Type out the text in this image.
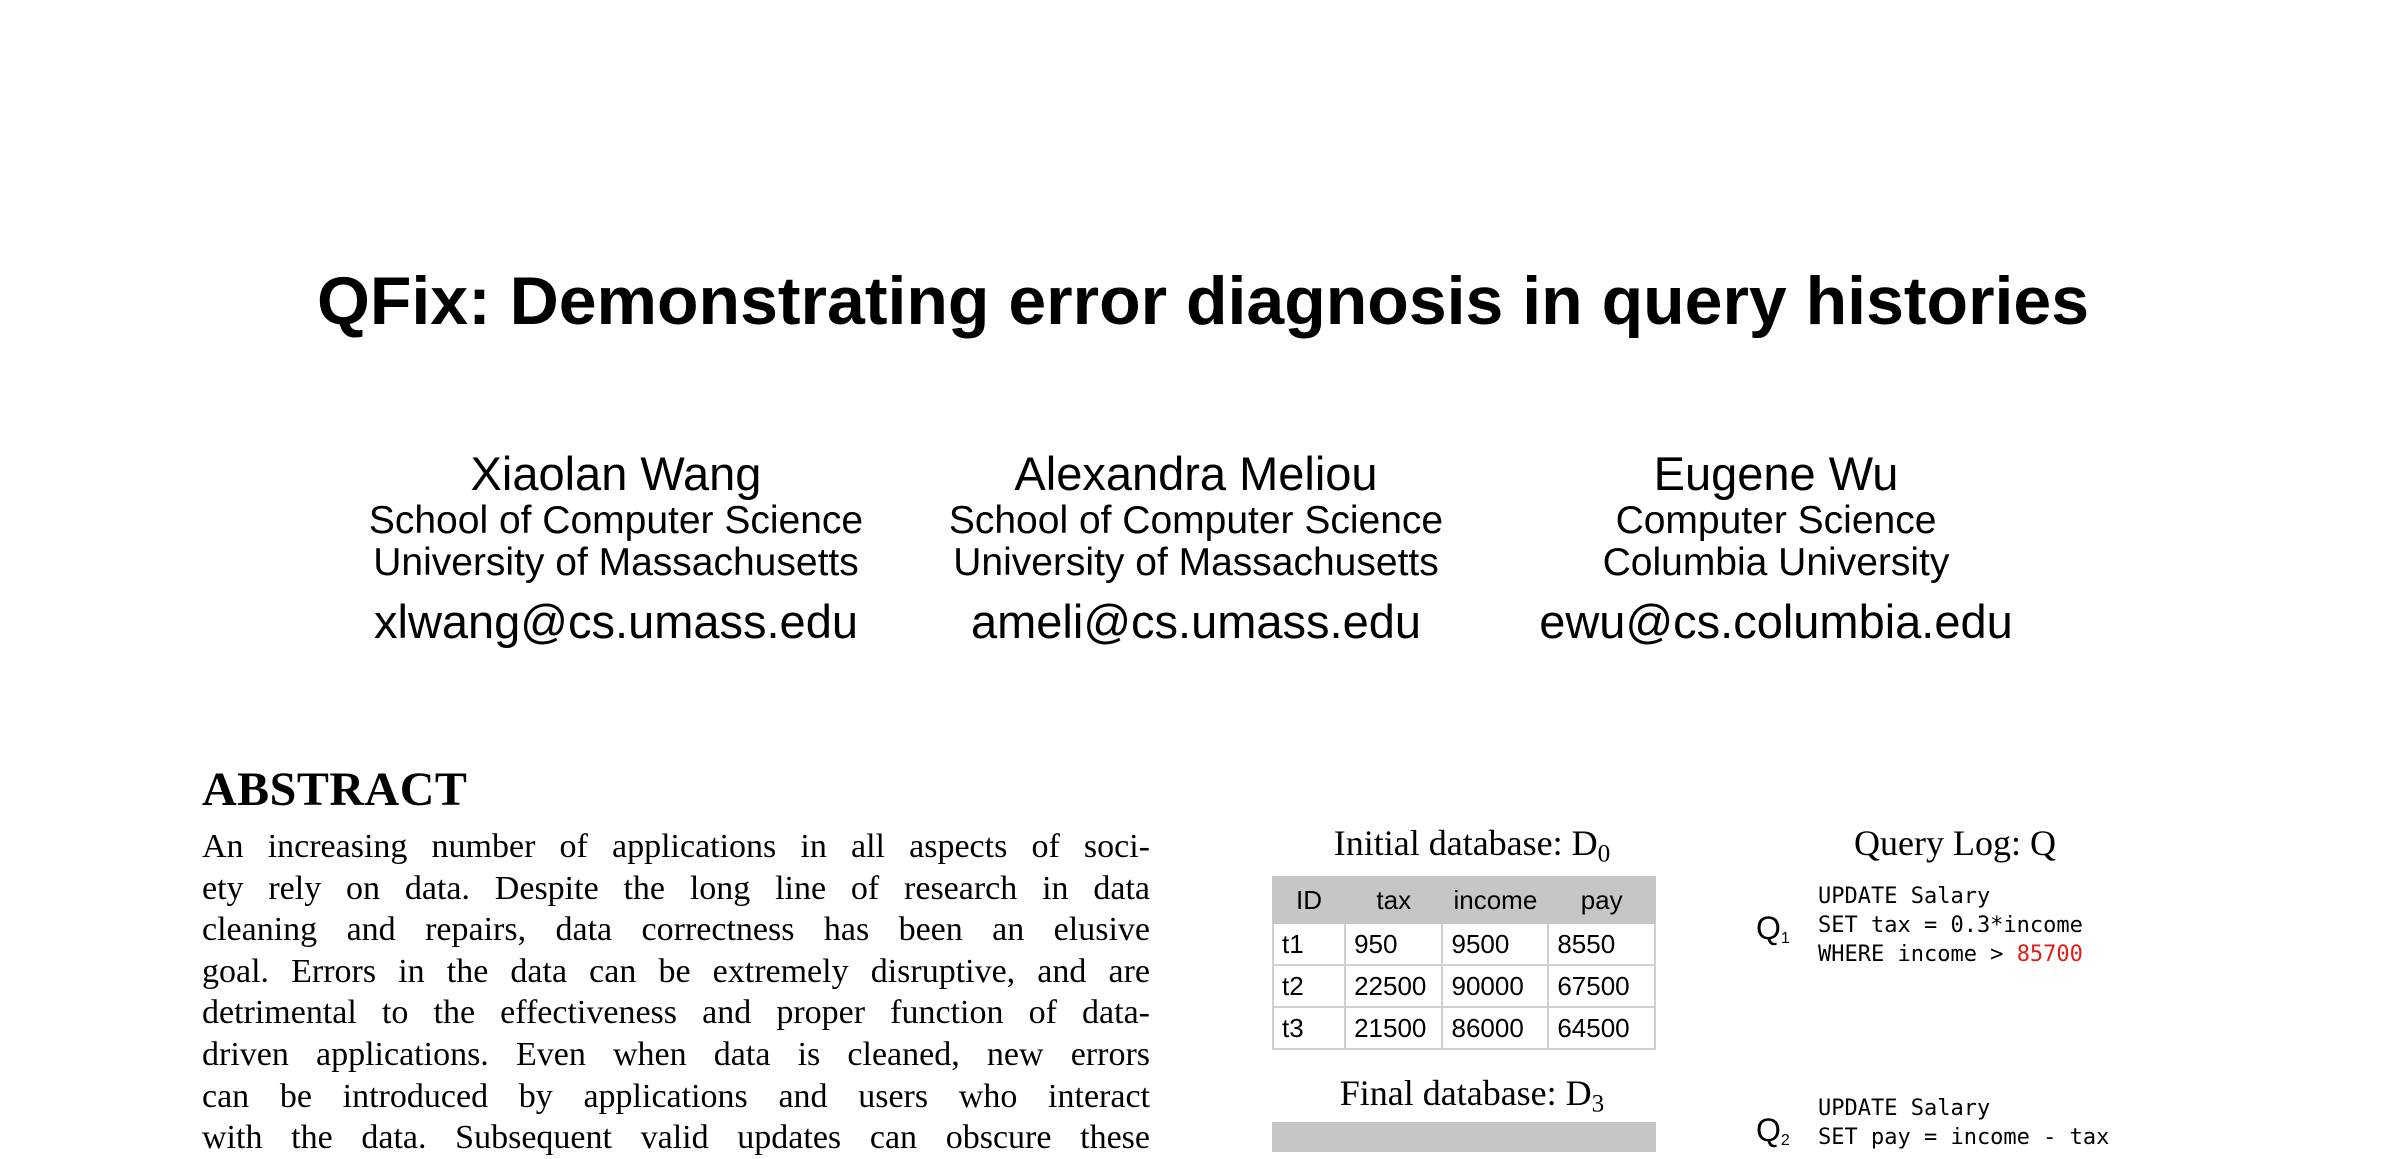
QFix: Demonstrating error diagnosis in query histories
Xiaolan Wang
School of Computer Science
University of Massachusetts
xlwang@cs.umass.edu
Alexandra Meliou
School of Computer Science
University of Massachusetts
ameli@cs.umass.edu
Eugene Wu
Computer Science
Columbia University
ewu@cs.columbia.edu
ABSTRACT
An increasing number of applications in all aspects of soci-
ety rely on data. Despite the long line of research in data
cleaning and repairs, data correctness has been an elusive
goal. Errors in the data can be extremely disruptive, and are
detrimental to the effectiveness and proper function of data-
driven applications. Even when data is cleaned, new errors
can be introduced by applications and users who interact
with the data. Subsequent valid updates can obscure these
Initial database: $D_0$
ID	tax	income	pay
t1	950	9500	8550
t2	22500	90000	67500
t3	21500	86000	64500
Final database: $D_3$
Query Log: Q
$Q_1$
UPDATE Salary
SET tax = 0.3*income
WHERE income > 85700
$Q_2$
UPDATE Salary
SET pay = income - tax
